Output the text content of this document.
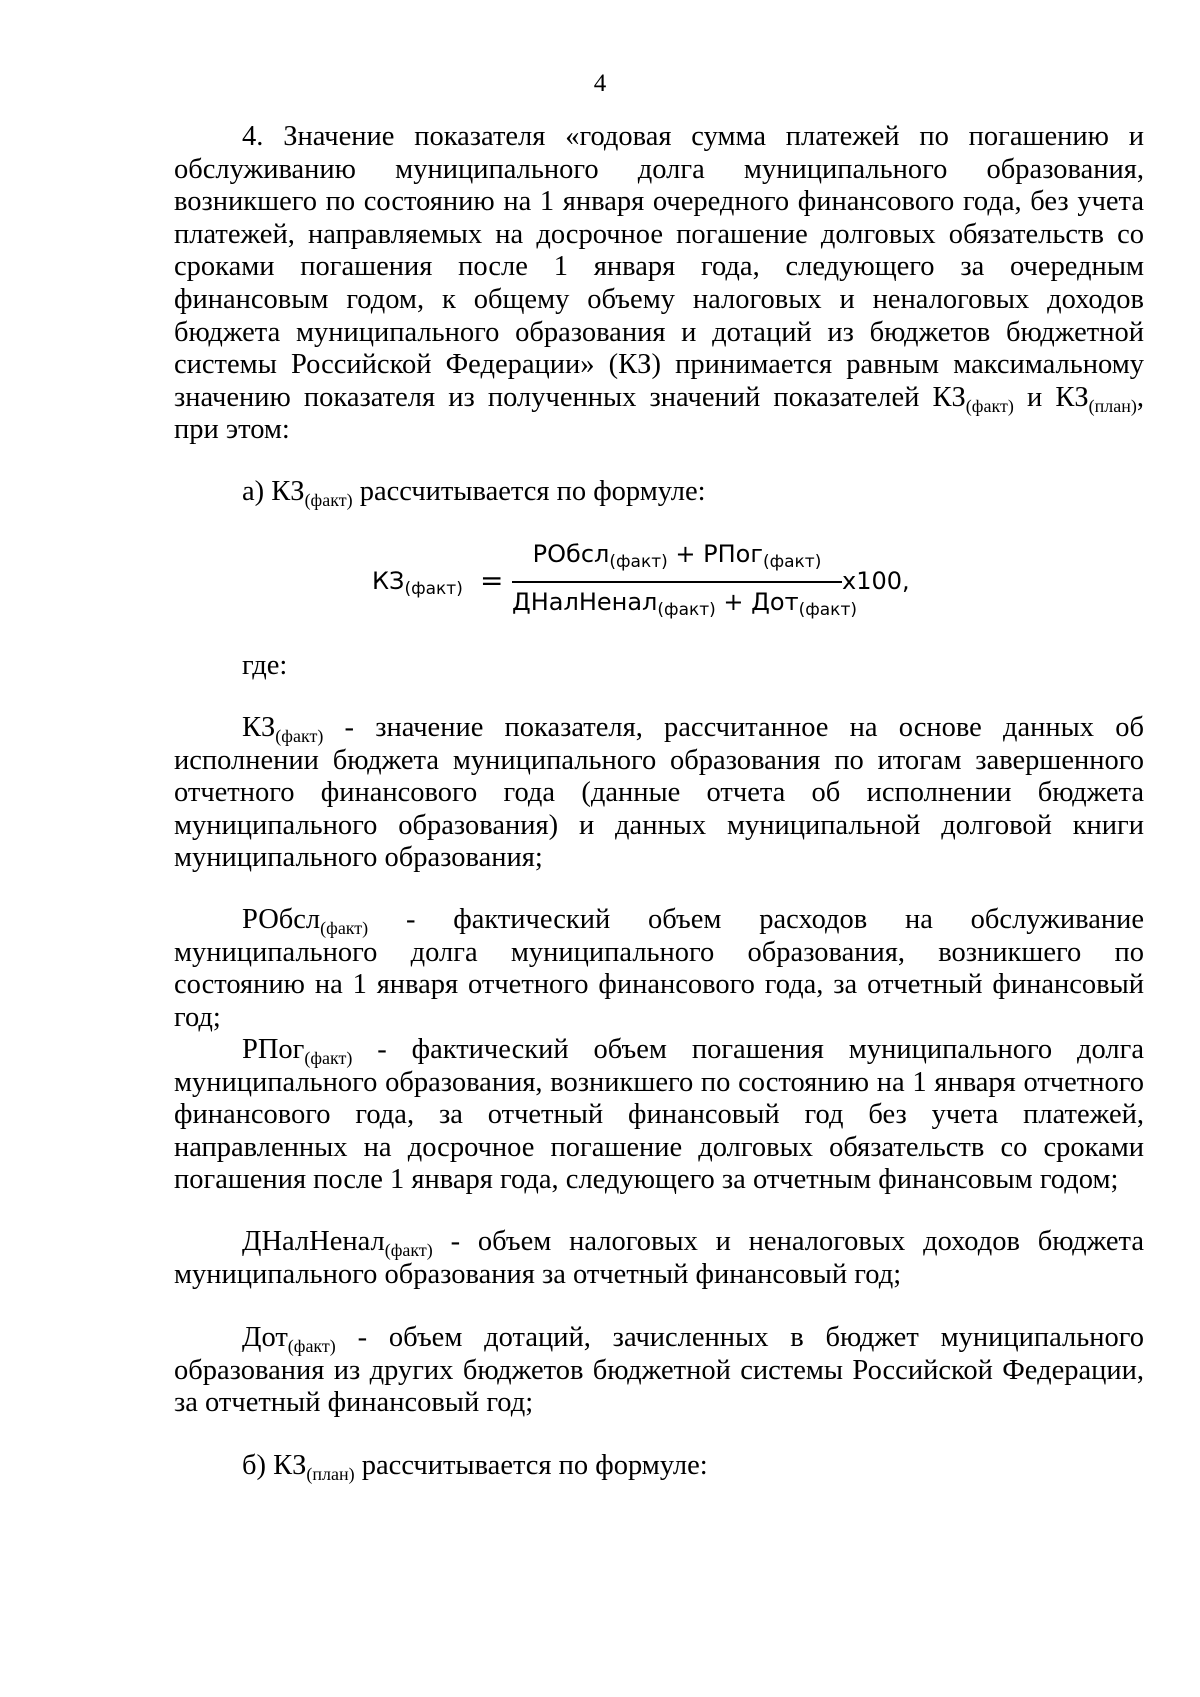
4

4. Значение показателя «годовая сумма платежей по погашению и обслуживанию муниципального долга муниципального образования, возникшего по состоянию на 1 января очередного финансового года, без учета платежей, направляемых на досрочное погашение долговых обязательств со сроками погашения после 1 января года, следующего за очередным финансовым годом, к общему объему налоговых и неналоговых доходов бюджета муниципального образования и дотаций из бюджетов бюджетной системы Российской Федерации» (КЗ) принимается равным максимальному значению показателя из полученных значений показателей $КЗ_{(факт)}$ и $КЗ_{(план)}$, при этом:

а) $КЗ_{(факт)}$ рассчитывается по формуле:

$КЗ_{(факт)}$ =
РОбсл$_{(факт)}$ + РПог$_{(факт)}$
ДНалНенал$_{(факт)}$ + Дот$_{(факт)}$
x100,

где:

$КЗ_{(факт)}$ - значение показателя, рассчитанное на основе данных об исполнении бюджета муниципального образования по итогам завершенного отчетного финансового года (данные отчета об исполнении бюджета муниципального образования) и данных муниципальной долговой книги муниципального образования;

РОбсл$_{(факт)}$ - фактический объем расходов на обслуживание муниципального долга муниципального образования, возникшего по состоянию на 1 января отчетного финансового года, за отчетный финансовый год;

РПог$_{(факт)}$ - фактический объем погашения муниципального долга муниципального образования, возникшего по состоянию на 1 января отчетного финансового года, за отчетный финансовый год без учета платежей, направленных на досрочное погашение долговых обязательств со сроками погашения после 1 января года, следующего за отчетным финансовым годом;

ДНалНенал$_{(факт)}$ - объем налоговых и неналоговых доходов бюджета муниципального образования за отчетный финансовый год;

Дот$_{(факт)}$ - объем дотаций, зачисленных в бюджет муниципального образования из других бюджетов бюджетной системы Российской Федерации, за отчетный финансовый год;

б) $КЗ_{(план)}$ рассчитывается по формуле:
